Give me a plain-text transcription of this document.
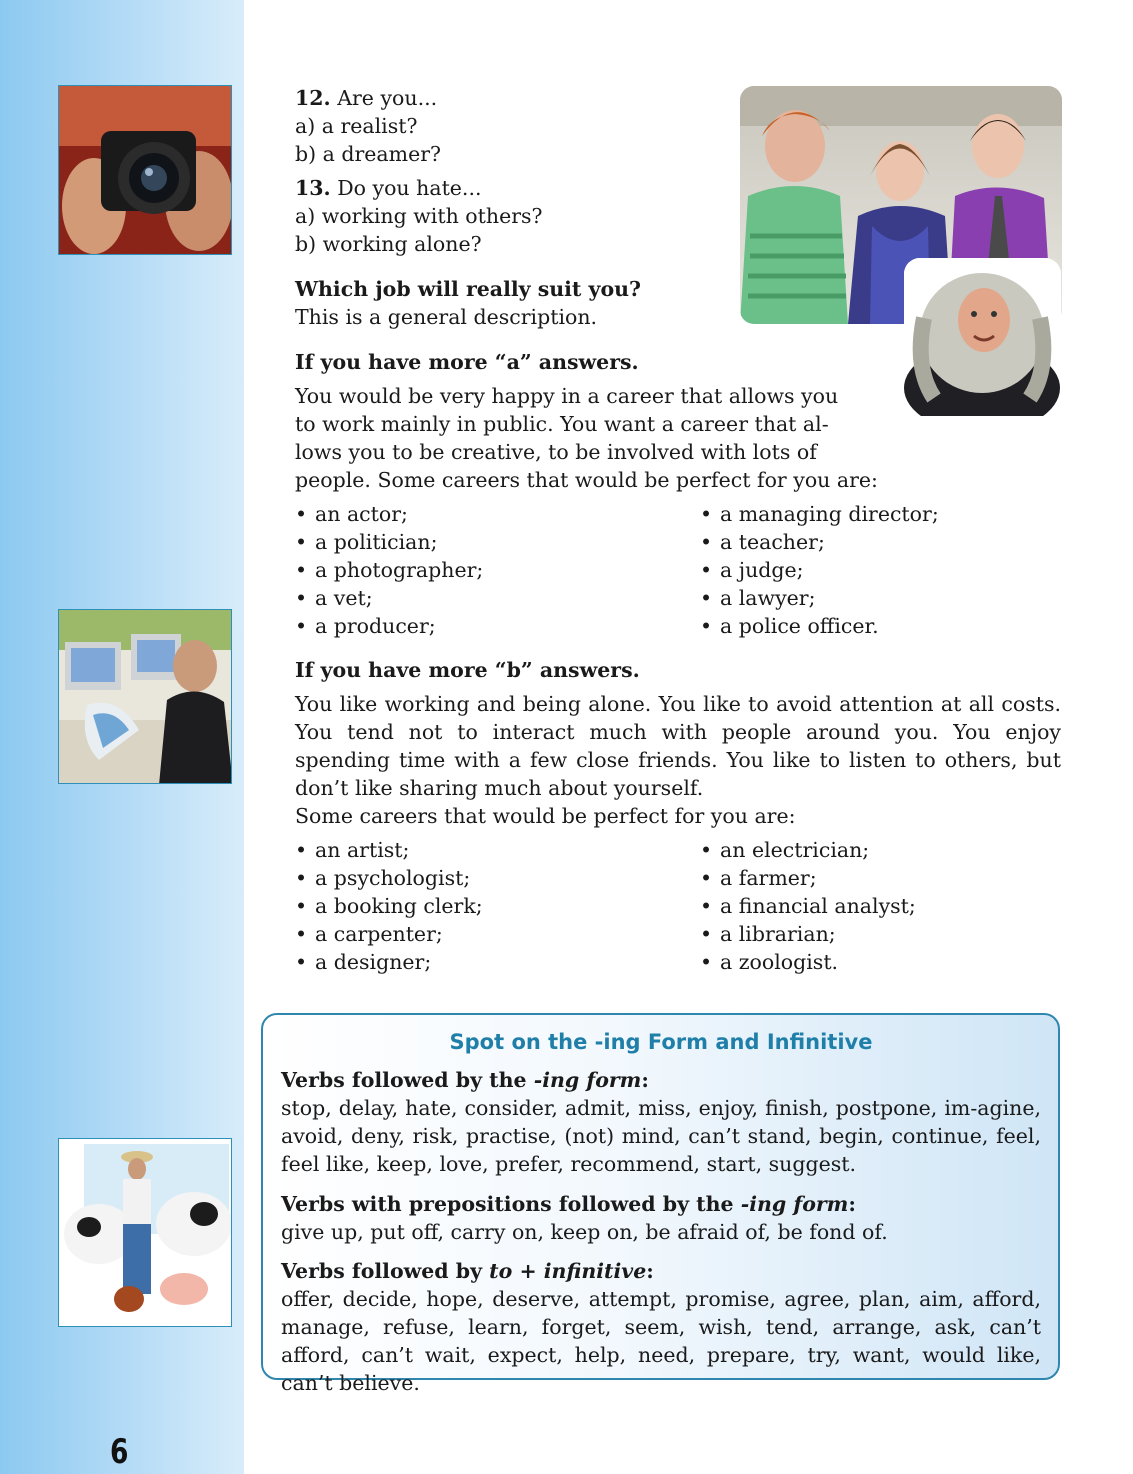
6
12. Are you...
a) a realist?
b) a dreamer?
13. Do you hate...
a) working with others?
b) working alone?
Which job will really suit you?
This is a general description.
If you have more “a” answers.
You would be very happy in a career that allows you
to work mainly in public. You want a career that al-
lows you to be creative, to be involved with lots of
people. Some careers that would be perfect for you are:
• an actor;
• a politician;
• a photographer;
• a vet;
• a producer;
• a managing director;
• a teacher;
• a judge;
• a lawyer;
• a police officer.
If you have more “b” answers.
You like working and being alone. You like to avoid attention at all costs. You tend not to interact much with people around you. You enjoy spending time with a few close friends. You like to listen to others, but don’t like sharing much about yourself.
Some careers that would be perfect for you are:
• an artist;
• a psychologist;
• a booking clerk;
• a carpenter;
• a designer;
• an electrician;
• a farmer;
• a financial analyst;
• a librarian;
• a zoologist.
Spot on the -ing Form and Infinitive
Verbs followed by the -ing form:
stop, delay, hate, consider, admit, miss, enjoy, finish, postpone, im-agine, avoid, deny, risk, practise, (not) mind, can’t stand, begin, continue, feel, feel like, keep, love, prefer, recommend, start, suggest.
Verbs with prepositions followed by the -ing form:
give up, put off, carry on, keep on, be afraid of, be fond of.
Verbs followed by to + infinitive:
offer, decide, hope, deserve, attempt, promise, agree, plan, aim, afford, manage, refuse, learn, forget, seem, wish, tend, arrange, ask, can’t afford, can’t wait, expect, help, need, prepare, try, want, would like, can’t believe.
